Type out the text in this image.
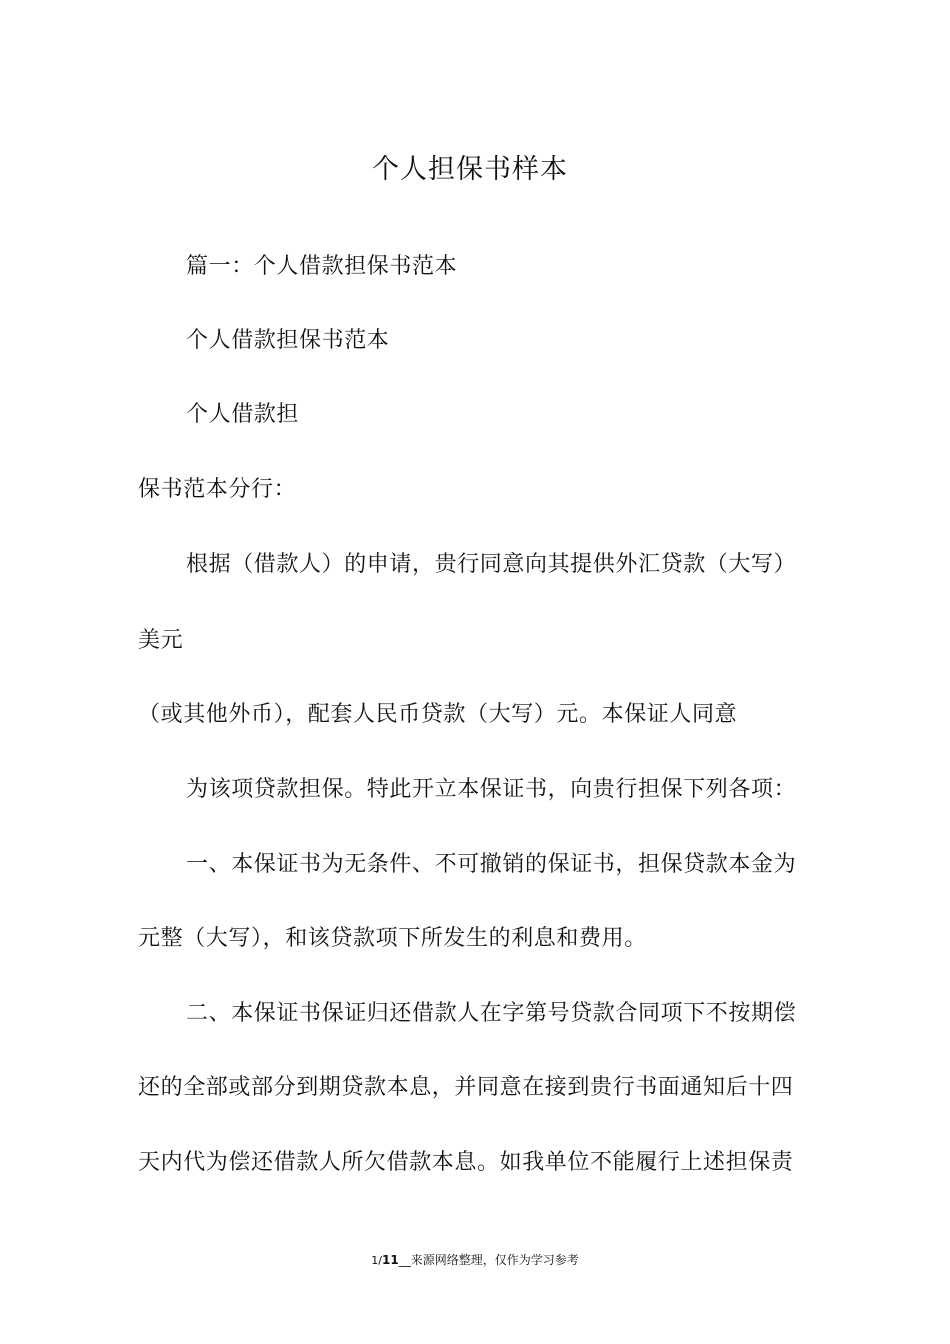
个人担保书样本
篇一：个人借款担保书范本
个人借款担保书范本
个人借款担
保书范本分行：
根据（借款人）的申请，贵行同意向其提供外汇贷款（大写）
美元
（或其他外币），配套人民币贷款（大写）元。本保证人同意
为该项贷款担保。特此开立本保证书，向贵行担保下列各项：
一、本保证书为无条件、不可撤销的保证书，担保贷款本金为
元整（大写），和该贷款项下所发生的利息和费用。
二、本保证书保证归还借款人在字第号贷款合同项下不按期偿
还的全部或部分到期贷款本息，并同意在接到贵行书面通知后十四
天内代为偿还借款人所欠借款本息。如我单位不能履行上述担保责
1/11__来源网络整理，仅作为学习参考
